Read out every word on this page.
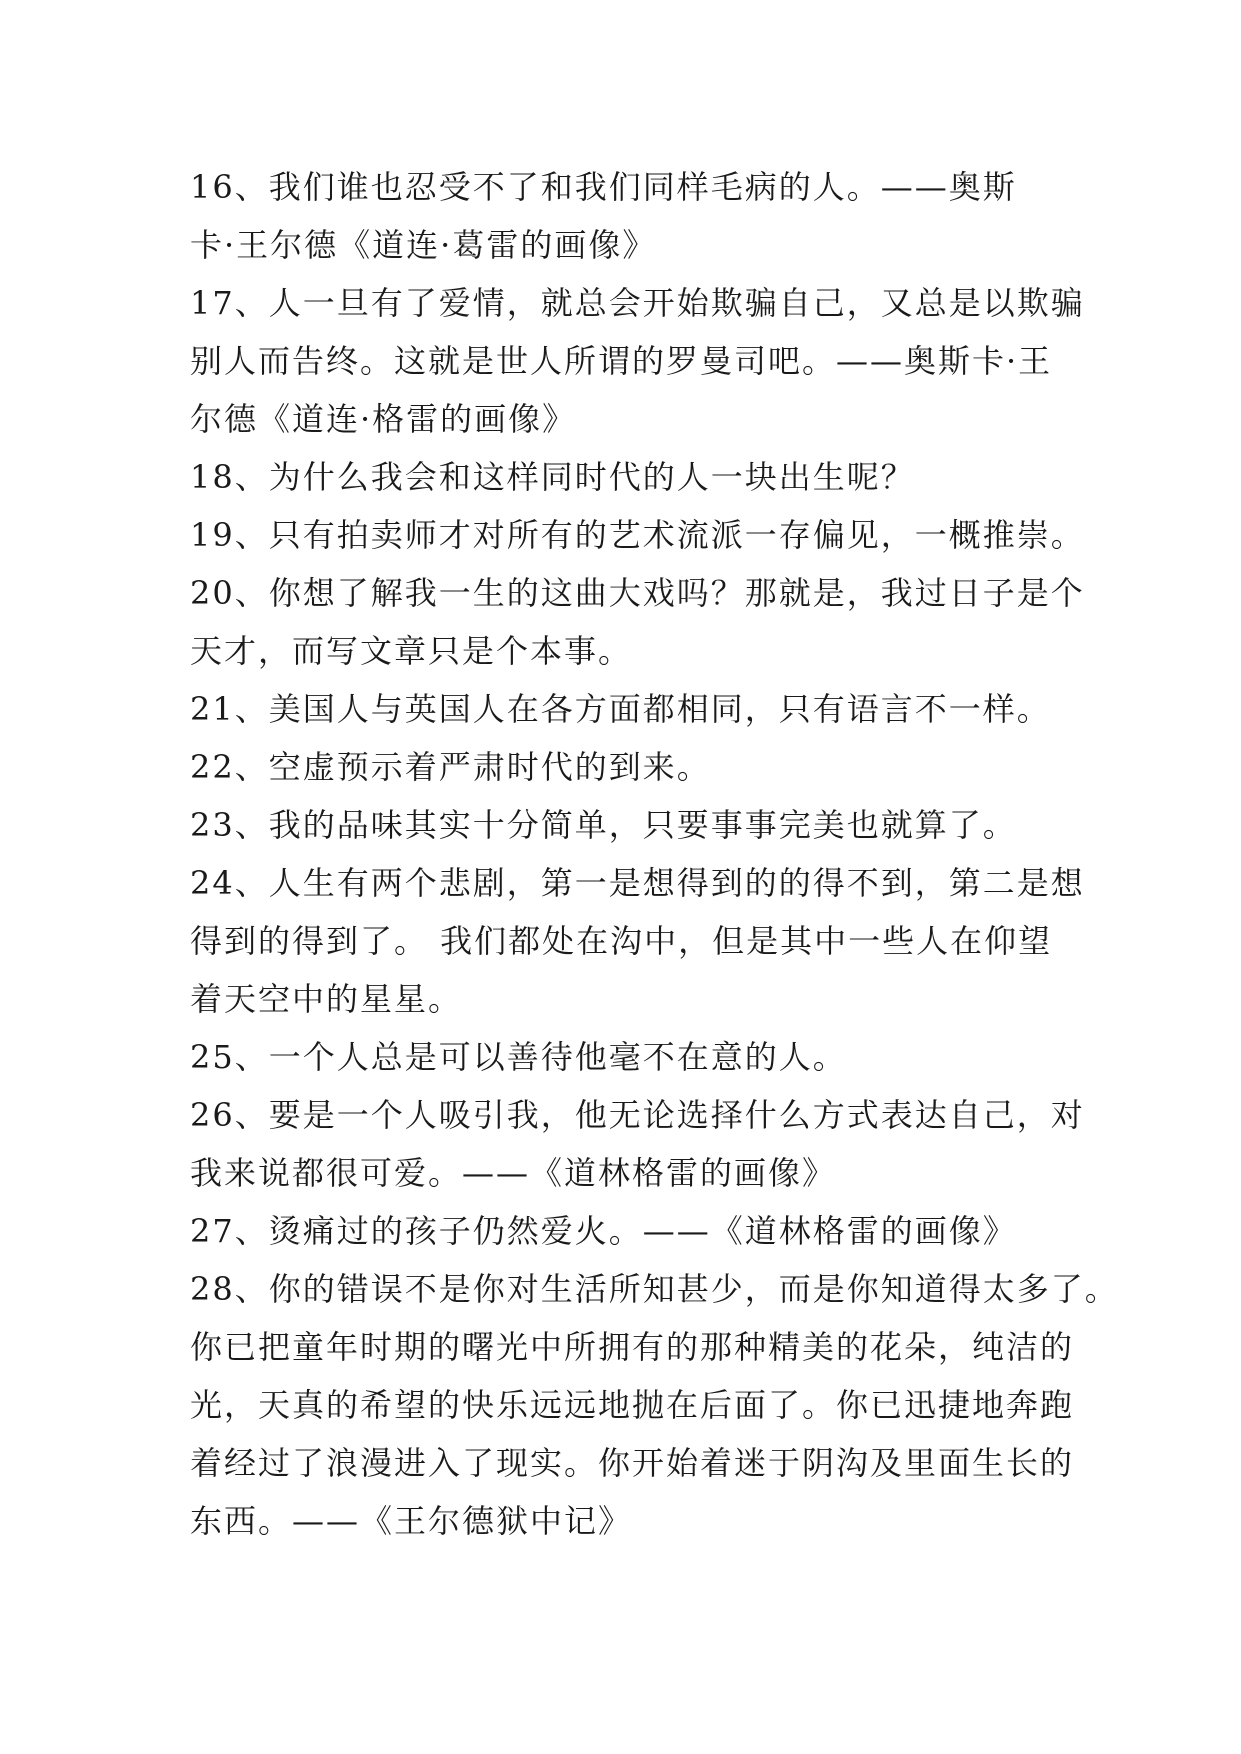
16、我们谁也忍受不了和我们同样毛病的人。——奥斯
卡·王尔德《道连·葛雷的画像》
17、人一旦有了爱情，就总会开始欺骗自己，又总是以欺骗
别人而告终。这就是世人所谓的罗曼司吧。——奥斯卡·王
尔德《道连·格雷的画像》
18、为什么我会和这样同时代的人一块出生呢？
19、只有拍卖师才对所有的艺术流派一存偏见，一概推崇。
20、你想了解我一生的这曲大戏吗？那就是，我过日子是个
天才，而写文章只是个本事。
21、美国人与英国人在各方面都相同，只有语言不一样。
22、空虚预示着严肃时代的到来。
23、我的品味其实十分简单，只要事事完美也就算了。
24、人生有两个悲剧，第一是想得到的的得不到，第二是想
得到的得到了。 我们都处在沟中，但是其中一些人在仰望
着天空中的星星。
25、一个人总是可以善待他毫不在意的人。
26、要是一个人吸引我，他无论选择什么方式表达自己，对
我来说都很可爱。——《道林格雷的画像》
27、烫痛过的孩子仍然爱火。——《道林格雷的画像》
28、你的错误不是你对生活所知甚少，而是你知道得太多了。
你已把童年时期的曙光中所拥有的那种精美的花朵，纯洁的
光，天真的希望的快乐远远地抛在后面了。你已迅捷地奔跑
着经过了浪漫进入了现实。你开始着迷于阴沟及里面生长的
东西。——《王尔德狱中记》
